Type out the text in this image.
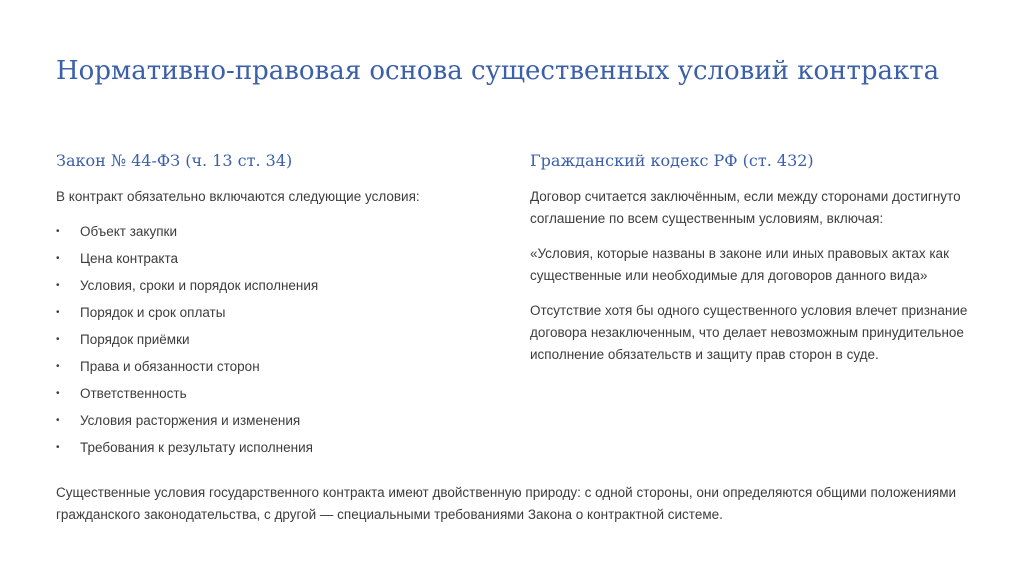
Нормативно-правовая основа существенных условий контракта
Закон № 44-ФЗ (ч. 13 ст. 34)

В контракт обязательно включаются следующие условия:

• Объект закупки
• Цена контракта
• Условия, сроки и порядок исполнения
• Порядок и срок оплаты
• Порядок приёмки
• Права и обязанности сторон
• Ответственность
• Условия расторжения и изменения
• Требования к результату исполнения
Гражданский кодекс РФ (ст. 432)

Договор считается заключённым, если между сторонами достигнуто соглашение по всем существенным условиям, включая:

«Условия, которые названы в законе или иных правовых актах как существенные или необходимые для договоров данного вида»

Отсутствие хотя бы одного существенного условия влечет признание договора незаключенным, что делает невозможным принудительное исполнение обязательств и защиту прав сторон в суде.

Существенные условия государственного контракта имеют двойственную природу: с одной стороны, они определяются общими положениями гражданского законодательства, с другой — специальными требованиями Закона о контрактной системе.
